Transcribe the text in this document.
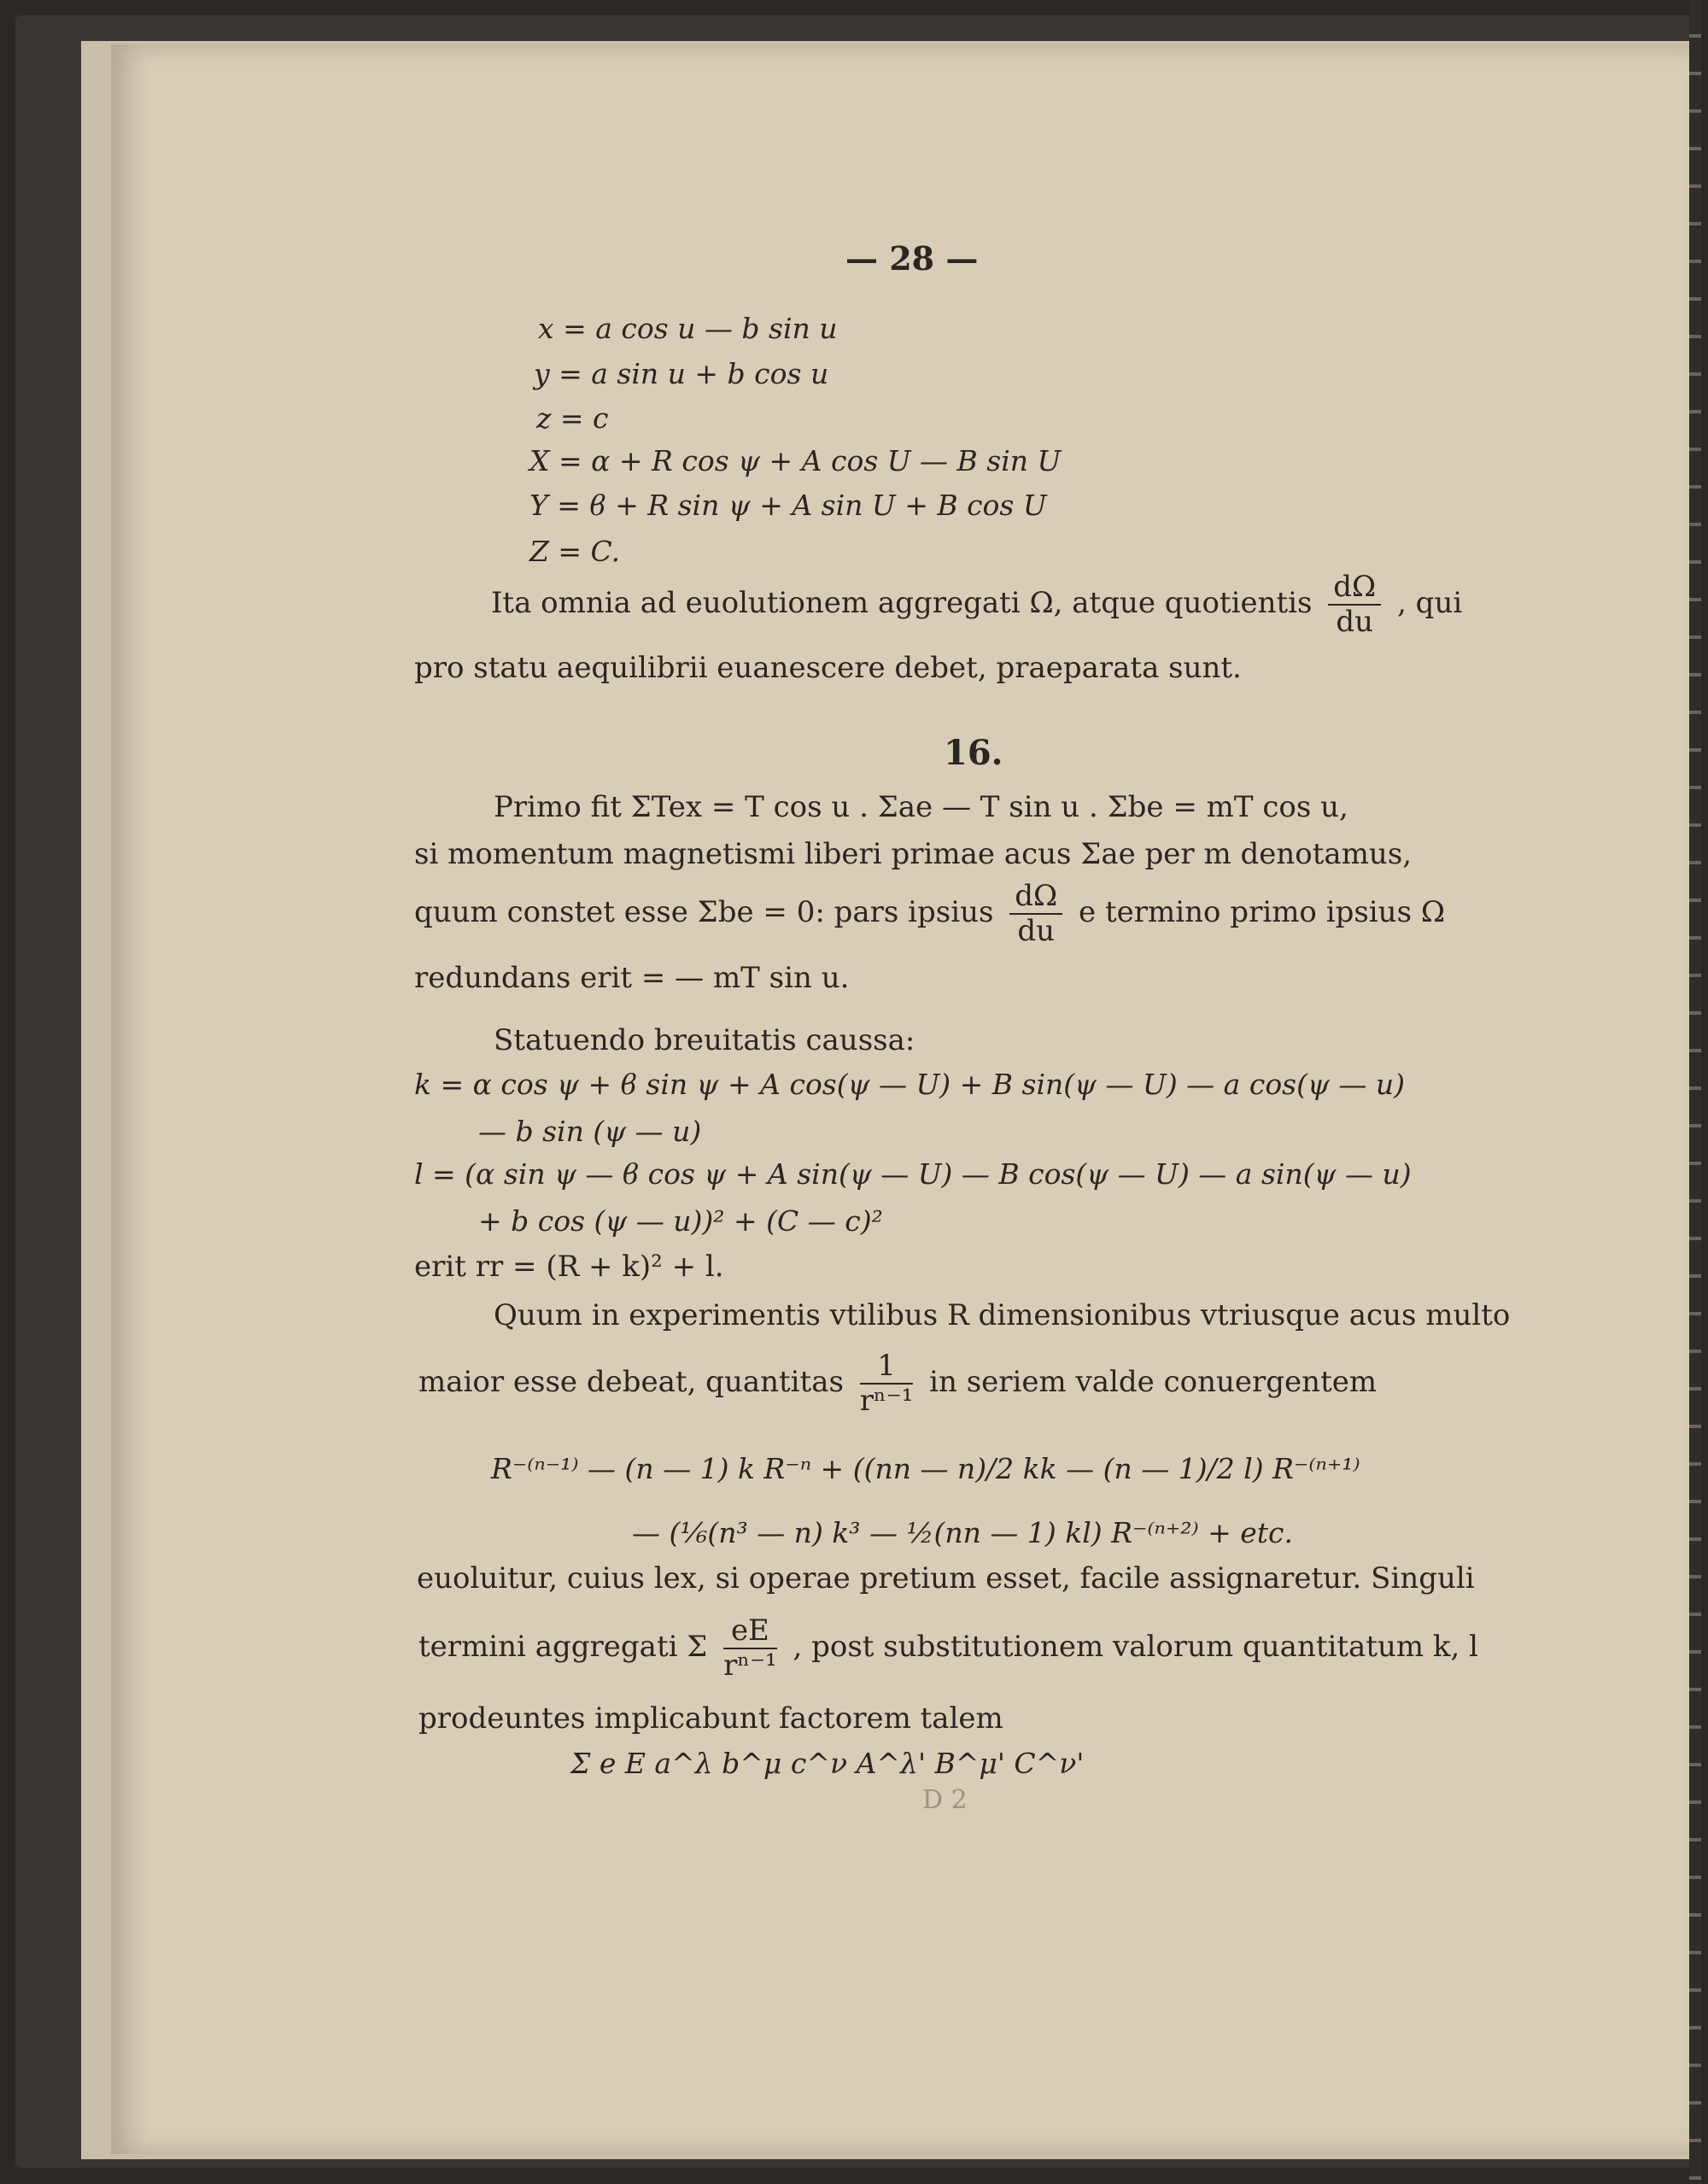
— 28 —
x = a cos u — b sin u
y = a sin u + b cos u
z = c
X = α + R cos ψ + A cos U — B sin U
Y = ϐ + R sin ψ + A sin U + B cos U
Z = C.
Ita omnia ad euolutionem aggregati Ω, atque quotientis $\frac{d\Omega}{du}$ , qui
pro statu aequilibrii euanescere debet, praeparata sunt.
16.
Primo fit ΣTex = T cos u . Σae — T sin u . Σbe = mT cos u,
si momentum magnetismi liberi primae acus Σae per m denotamus,
quum constet esse Σbe = 0: pars ipsius $\frac{d\Omega}{du}$ e termino primo ipsius Ω
redundans erit = — mT sin u.
Statuendo breuitatis caussa:
k = α cos ψ + ϐ sin ψ + A cos(ψ — U) + B sin(ψ — U) — a cos(ψ — u)
— b sin (ψ — u)
l = (α sin ψ — ϐ cos ψ + A sin(ψ — U) — B cos(ψ — U) — a sin(ψ — u)
+ b cos (ψ — u))² + (C — c)²
erit rr = (R + k)² + l.
Quum in experimentis vtilibus R dimensionibus vtriusque acus multo
maior esse debeat, quantitas $\frac{1}{\text{rⁿ⁻¹}}$ in seriem valde conuergentem
R⁻⁽ⁿ⁻¹⁾ — (n — 1) k R⁻ⁿ + ((nn — n)/2 kk — (n — 1)/2 l) R⁻⁽ⁿ⁺¹⁾
— (⅙(n³ — n) k³ — ½(nn — 1) kl) R⁻⁽ⁿ⁺²⁾ + etc.
euoluitur, cuius lex, si operae pretium esset, facile assignaretur. Singuli
termini aggregati Σ $\frac{eE}{\text{rⁿ⁻¹}}$ , post substitutionem valorum quantitatum k, l
prodeuntes implicabunt factorem talem
Σ e E a^λ b^μ c^ν A^λ' B^μ' C^ν'
D 2
